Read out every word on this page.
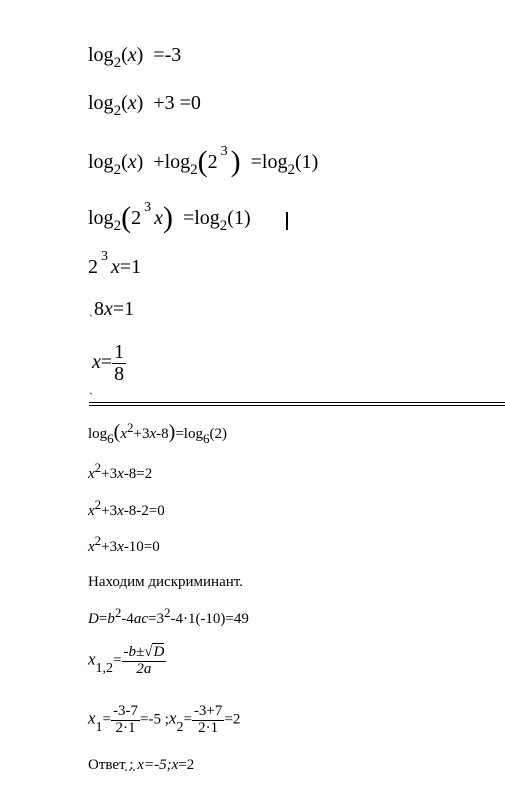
$\log_2(x) =-3$
$\log_2(x) +3 =0$
$\log_2(x) +\log_2(2$ $^3$ ) $=\log_2(1)$
$\log_2(2$ $^3$ $x) =\log_2(1)$
2 $^3$ x=1
` 8x=1
$x= \frac{1}{8}$
`
log6(x2+3x-8)=log6(2)
x2+3x-8=2
x2+3x-8-2=0
x2+3x-10=0
Находим дискриминант.
D=b2-4ac=32-4·1(-10)=49
$x1,2= \frac{-b\pm√D}{2a}$
$x1= \frac{-3-7}{2\cdot 1} =-5$ ;x2= $\frac{-3+7}{2\cdot 1} =2$
Ответ : x=-5;x=2
